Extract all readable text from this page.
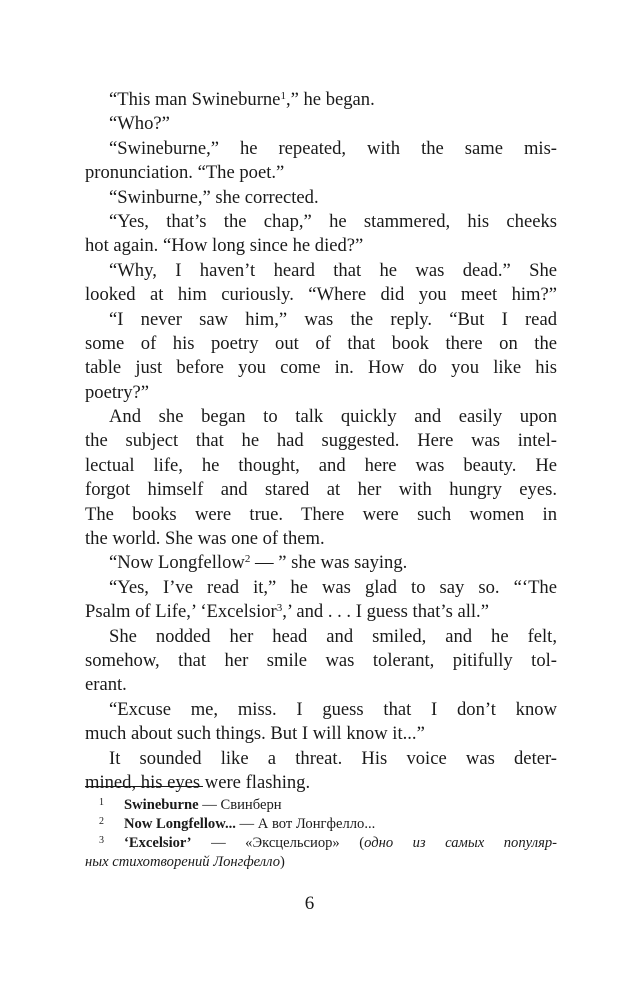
“This man Swineburne$^1$,” he began.
“Who?”
“Swineburne,” he repeated, with the same mis-
pronunciation. “The poet.”
“Swinburne,” she corrected.
“Yes, that’s the chap,” he stammered, his cheeks
hot again. “How long since he died?”
“Why, I haven’t heard that he was dead.” She
looked at him curiously. “Where did you meet him?”
“I never saw him,” was the reply. “But I read
some of his poetry out of that book there on the
table just before you come in. How do you like his
poetry?”
And she began to talk quickly and easily upon
the subject that he had suggested. Here was intel-
lectual life, he thought, and here was beauty. He
forgot himself and stared at her with hungry eyes.
The books were true. There were such women in
the world. She was one of them.
“Now Longfellow$^2$ — ” she was saying.
“Yes, I’ve read it,” he was glad to say so. “‘The
Psalm of Life,’ ‘Excelsior$^3$,’ and . . . I guess that’s all.”
She nodded her head and smiled, and he felt,
somehow, that her smile was tolerant, pitifully tol-
erant.
“Excuse me, miss. I guess that I don’t know
much about such things. But I will know it...”
It sounded like a threat. His voice was deter-
mined, his eyes were flashing.
1 Swineburne — Свинберн
2 Now Longfellow... — А вот Лонгфелло...
3 ‘Excelsior’ — «Эксцельсиор» (одно из самых популяр-
ных стихотворений Лонгфелло)
6
